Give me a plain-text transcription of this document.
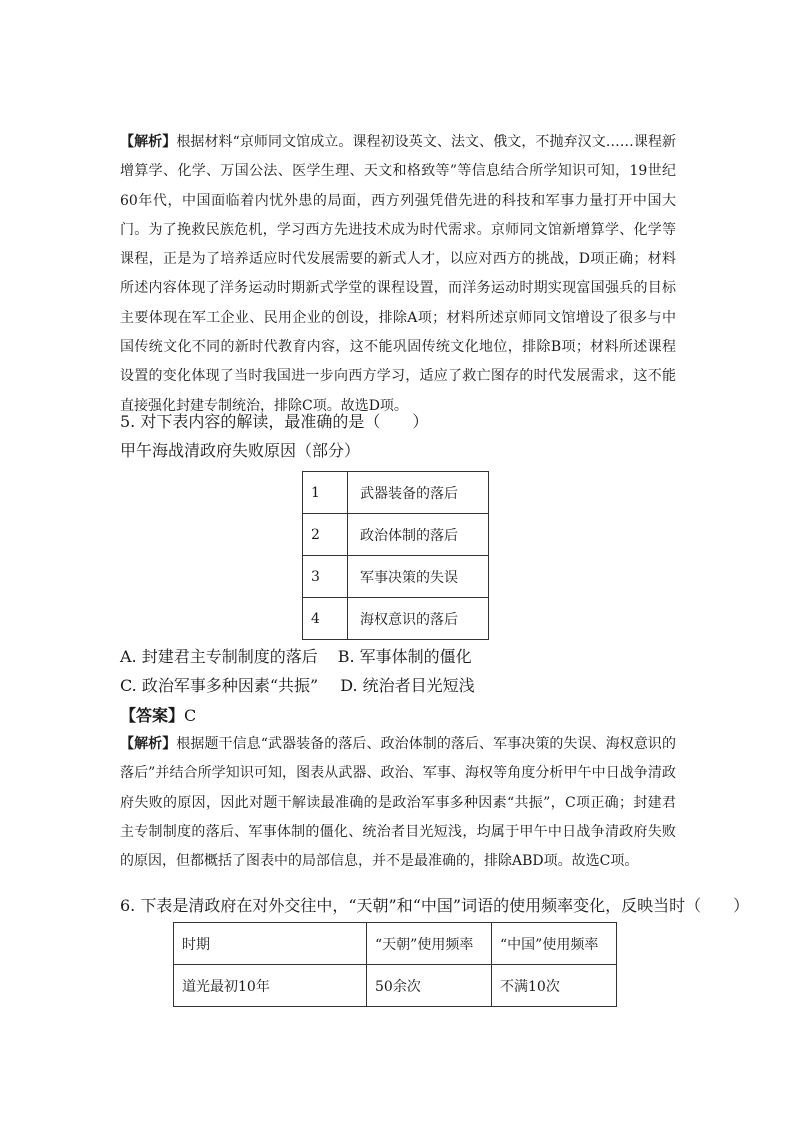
【解析】根据材料“京师同文馆成立。课程初设英文、法文、俄文，不抛弃汉文……课程新增算学、化学、万国公法、医学生理、天文和格致等”等信息结合所学知识可知，19世纪60年代，中国面临着内忧外患的局面，西方列强凭借先进的科技和军事力量打开中国大门。为了挽救民族危机，学习西方先进技术成为时代需求。京师同文馆新增算学、化学等课程，正是为了培养适应时代发展需要的新式人才，以应对西方的挑战，D项正确；材料所述内容体现了洋务运动时期新式学堂的课程设置，而洋务运动时期实现富国强兵的目标主要体现在军工企业、民用企业的创设，排除A项；材料所述京师同文馆增设了很多与中国传统文化不同的新时代教育内容，这不能巩固传统文化地位，排除B项；材料所述课程设置的变化体现了当时我国进一步向西方学习，适应了救亡图存的时代发展需求，这不能直接强化封建专制统治，排除C项。故选D项。

5. 对下表内容的解读，最准确的是（　　）

甲午海战清政府失败原因（部分）

1	武器装备的落后
2	政治体制的落后
3	军事决策的失误
4	海权意识的落后

A. 封建君主专制制度的落后 B. 军事体制的僵化

C. 政治军事多种因素“共振” D. 统治者目光短浅

【答案】C

【解析】根据题干信息“武器装备的落后、政治体制的落后、军事决策的失误、海权意识的落后”并结合所学知识可知，图表从武器、政治、军事、海权等角度分析甲午中日战争清政府失败的原因，因此对题干解读最准确的是政治军事多种因素“共振”，C项正确；封建君主专制制度的落后、军事体制的僵化、统治者目光短浅，均属于甲午中日战争清政府失败的原因，但都概括了图表中的局部信息，并不是最准确的，排除ABD项。故选C项。

6. 下表是清政府在对外交往中，“天朝”和“中国”词语的使用频率变化，反映当时（　　）

时期	“天朝”使用频率	“中国”使用频率
道光最初10年	50余次	不满10次
